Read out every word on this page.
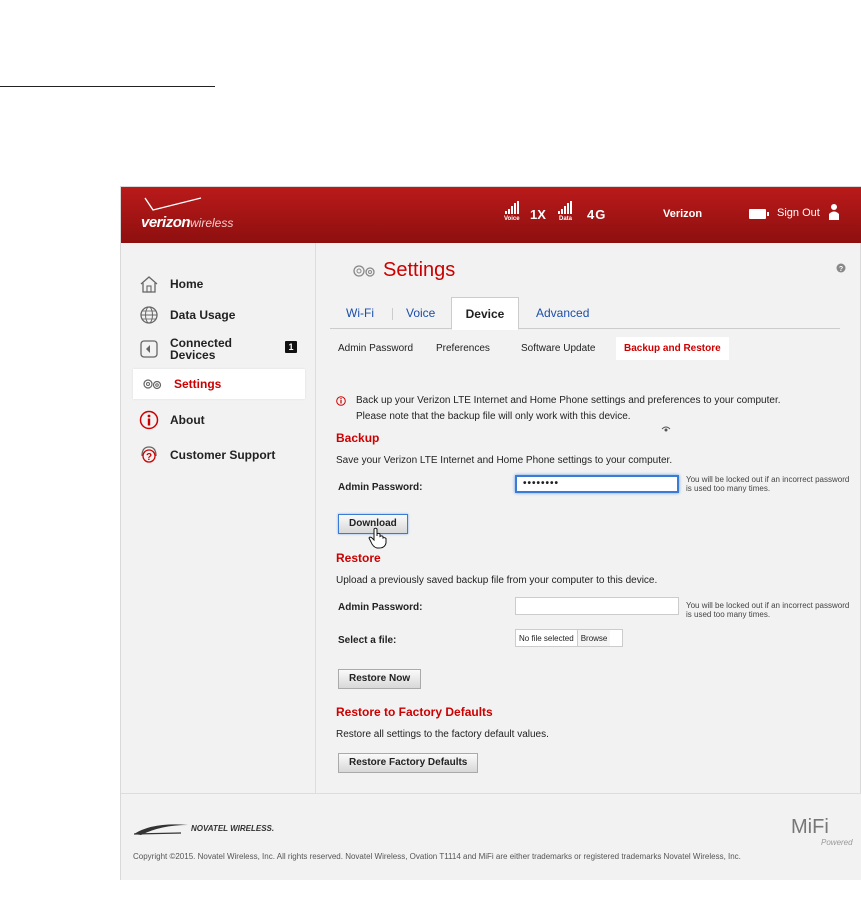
verizonwireless	Voice 1X Data 4G	Verizon	Sign Out
Home
Data Usage
Connected
Devices
1
Settings
About
? Customer Support
Settings	?
Wi-Fi	Voice	Device	Advanced
Admin Password Preferences	Software Update	Backup and Restore
Back up your Verizon LTE Internet and Home Phone settings and preferences to your computer.
Please note that the backup file will only work with this device.
Backup
Save your Verizon LTE Internet and Home Phone settings to your computer.
Admin Password:	••••••••	You will be locked out if an incorrect password is used too many times.
Download
Restore
Upload a previously saved backup file from your computer to this device.
Admin Password:	You will be locked out if an incorrect password is used too many times.
Select a file:	No file selected Browse
Restore Now
Restore to Factory Defaults
Restore all settings to the factory default values.
Restore Factory Defaults
NOVATEL WIRELESS.	MiFi
Powered
Copyright ©2015. Novatel Wireless, Inc. All rights reserved. Novatel Wireless, Ovation T1114 and MiFi are either trademarks or registered trademarks Novatel Wireless, Inc.
